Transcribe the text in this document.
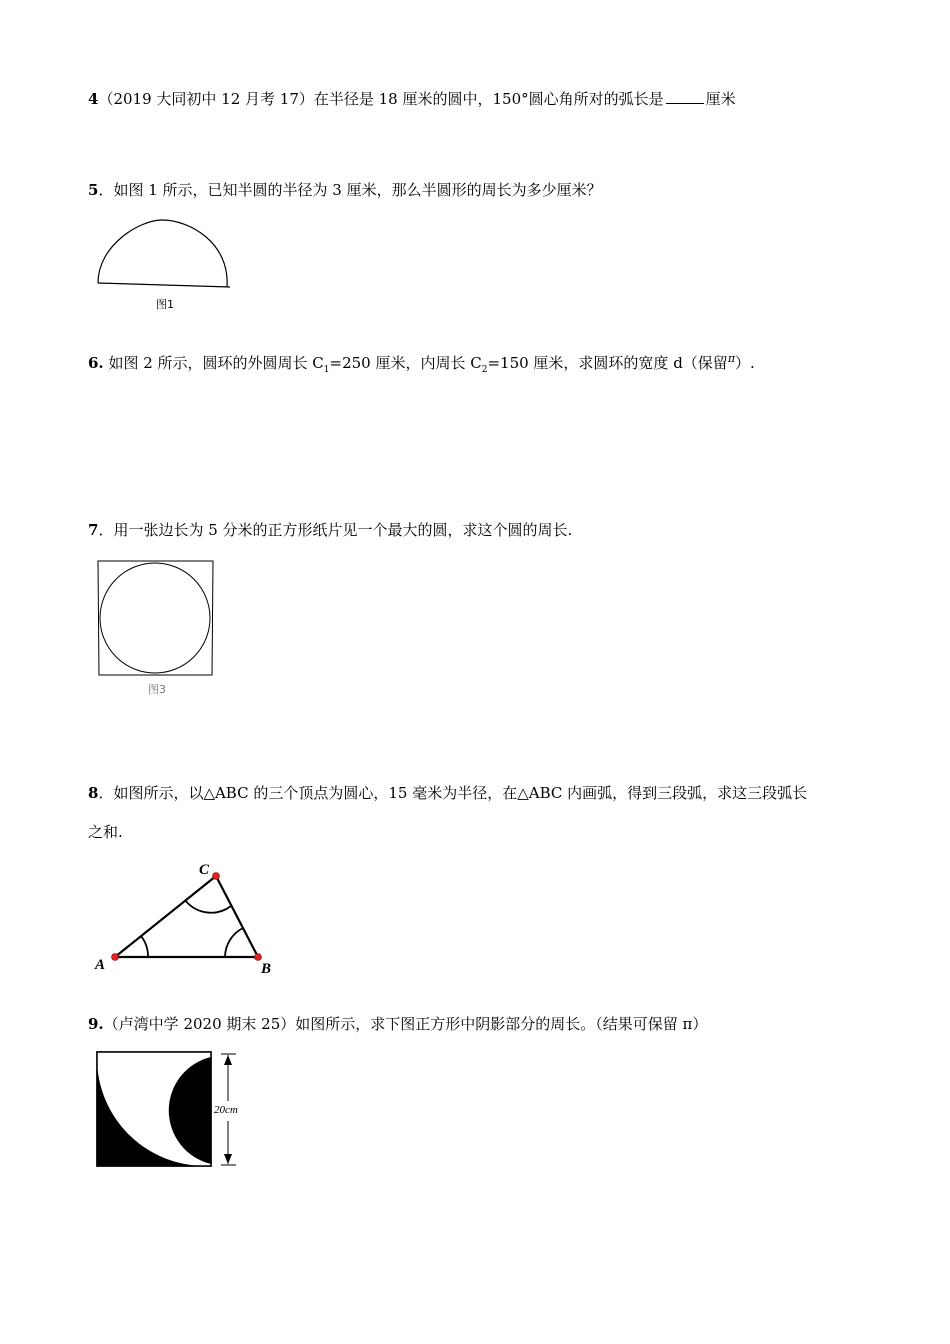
4（2019 大同初中 12 月考 17）在半径是 18 厘米的圆中，150°圆心角所对的弧长是	厘米
5．如图 1 所示，已知半圆的半径为 3 厘米，那么半圆形的周长为多少厘米？
图1
6. 如图 2 所示，圆环的外圆周长 $C_1=250$ 厘米，内周长 $C_2=150$ 厘米，求圆环的宽度 d（保留$^\pi$）.
7．用一张边长为 5 分米的正方形纸片见一个最大的圆，求这个圆的周长.
图3
8．如图所示，以△ABC 的三个顶点为圆心，15 毫米为半径，在△ABC 内画弧，得到三段弧，求这三段弧长
之和.
A	B
C
9.（卢湾中学 2020 期末 25）如图所示，求下图正方形中阴影部分的周长。（结果可保留 π）
20cm
